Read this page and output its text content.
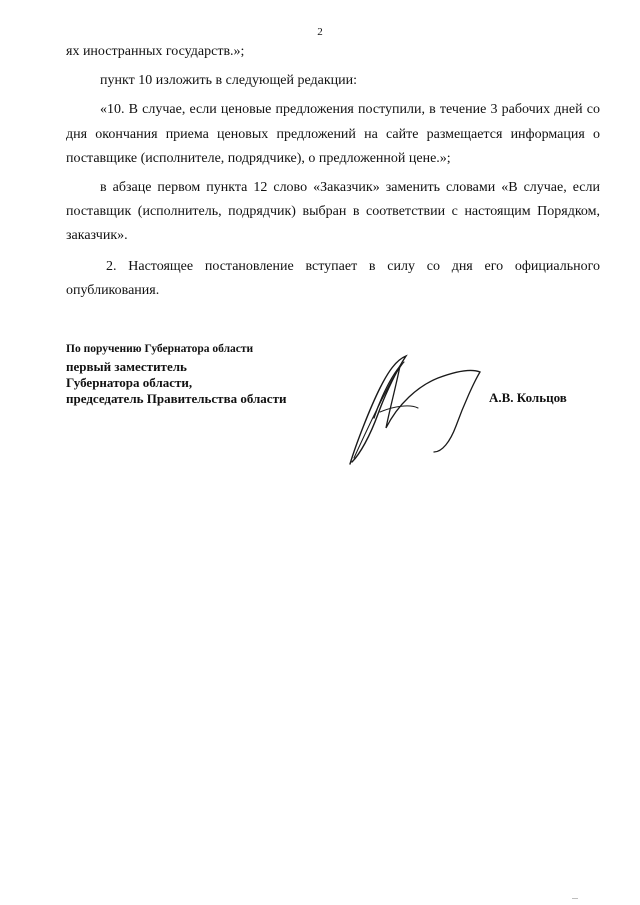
2

ях иностранных государств.»;

пункт 10 изложить в следующей редакции:

«10. В случае, если ценовые предложения поступили, в течение 3 рабочих дней со дня окончания приема ценовых предложений на сайте размещается информация о поставщике (исполнителе, подрядчике), о предложенной цене.»;

в абзаце первом пункта 12 слово «Заказчик» заменить словами «В случае, если поставщик (исполнитель, подрядчик) выбран в соответствии с настоящим Порядком, заказчик».

2. Настоящее постановление вступает в силу со дня его официального опубликования.

По поручению Губернатора области
первый заместитель
Губернатора области,
председатель Правительства области	А.В. Кольцов
...
